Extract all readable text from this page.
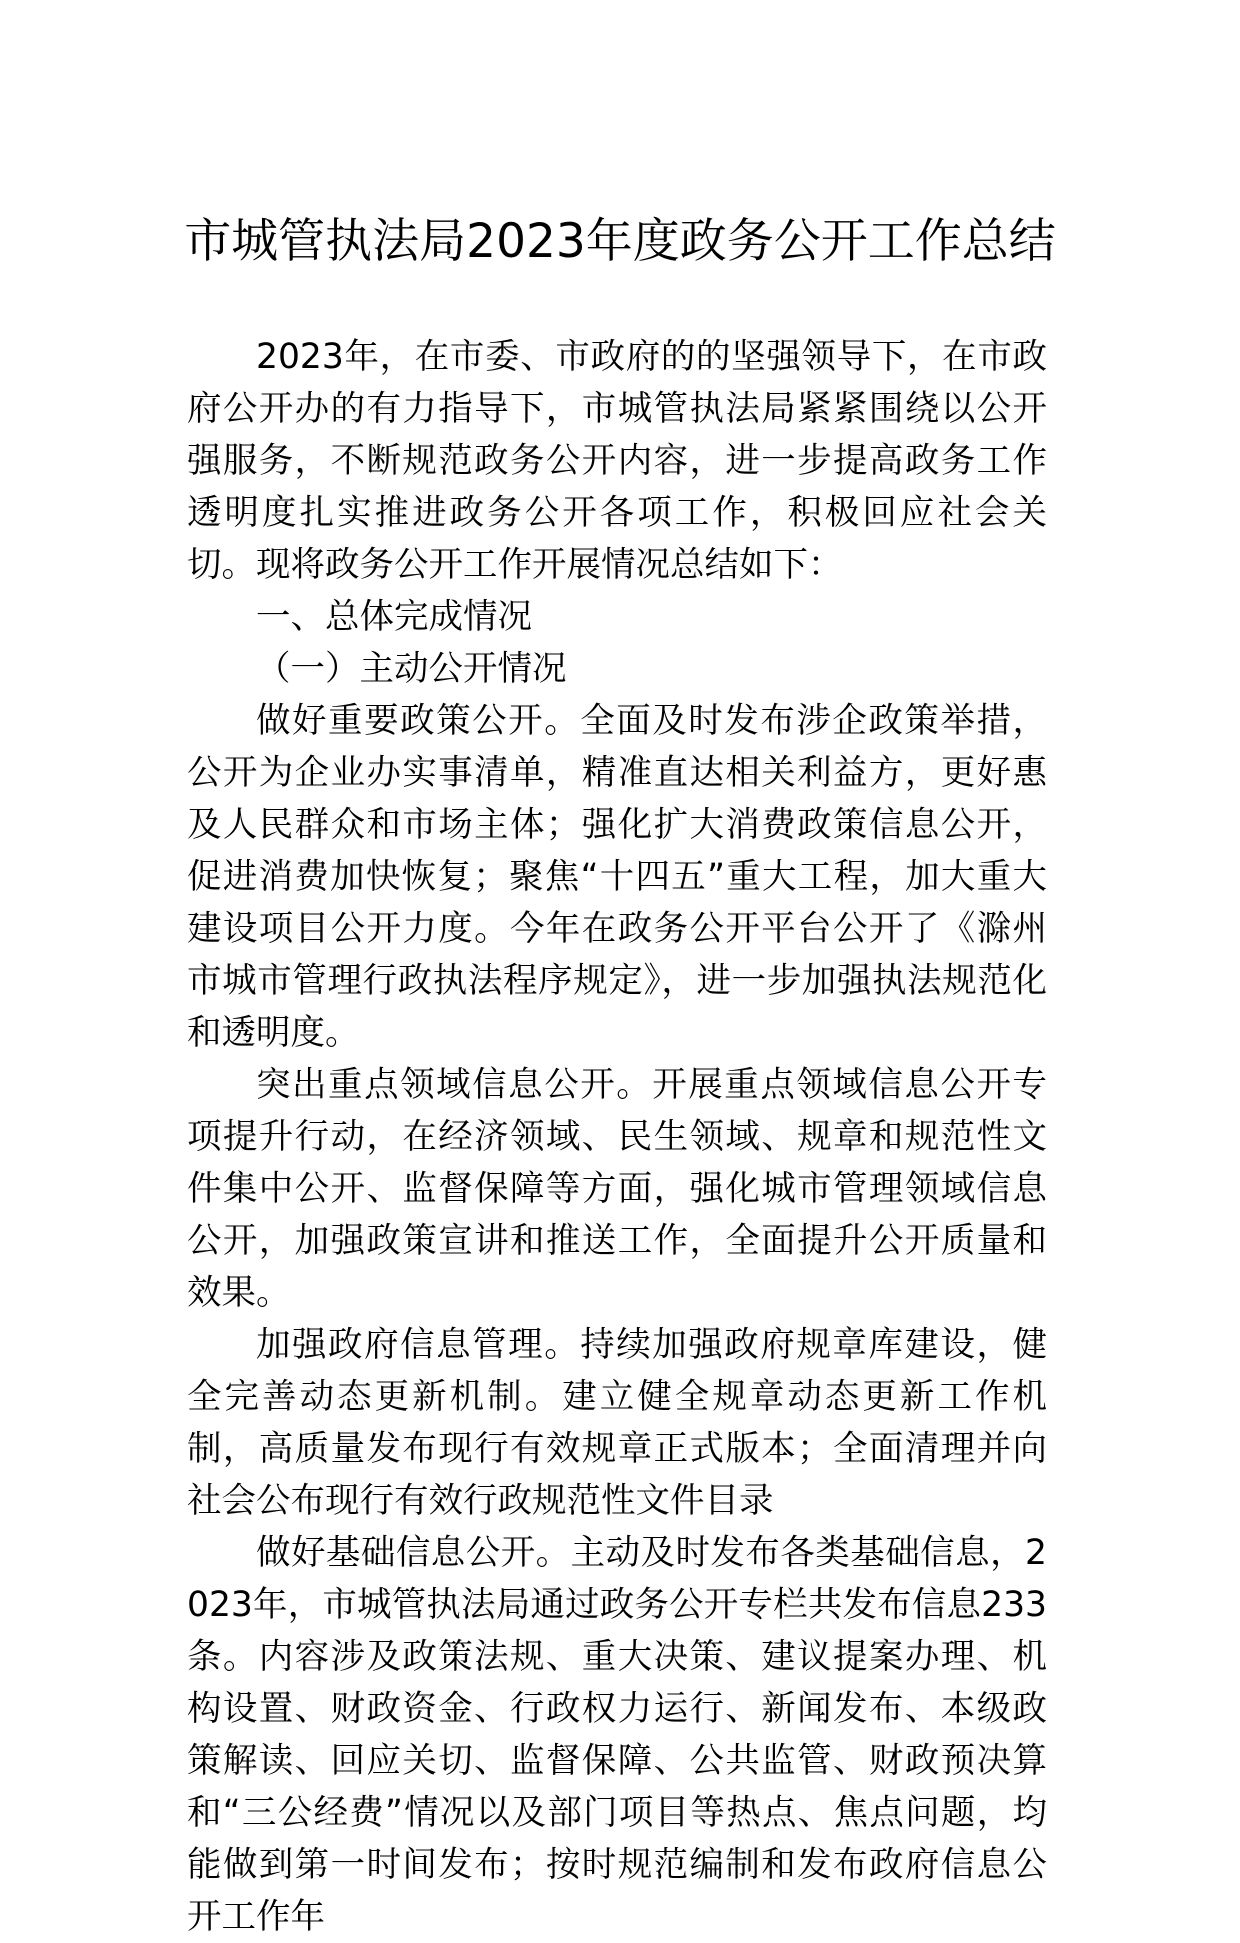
市城管执法局2023年度政务公开工作总结

2023年，在市委、市政府的的坚强领导下，在市政府公开办的有力指导下，市城管执法局紧紧围绕以公开强服务，不断规范政务公开内容，进一步提高政务工作透明度扎实推进政务公开各项工作，积极回应社会关切。现将政务公开工作开展情况总结如下：

一、总体完成情况

（一）主动公开情况

做好重要政策公开。全面及时发布涉企政策举措，公开为企业办实事清单，精准直达相关利益方，更好惠及人民群众和市场主体；强化扩大消费政策信息公开，促进消费加快恢复；聚焦“十四五”重大工程，加大重大建设项目公开力度。今年在政务公开平台公开了《滁州市城市管理行政执法程序规定》，进一步加强执法规范化和透明度。

突出重点领域信息公开。开展重点领域信息公开专项提升行动，在经济领域、民生领域、规章和规范性文件集中公开、监督保障等方面，强化城市管理领域信息公开，加强政策宣讲和推送工作，全面提升公开质量和效果。

加强政府信息管理。持续加强政府规章库建设，健全完善动态更新机制。建立健全规章动态更新工作机制，高质量发布现行有效规章正式版本；全面清理并向社会公布现行有效行政规范性文件目录

做好基础信息公开。主动及时发布各类基础信息，2023年，市城管执法局通过政务公开专栏共发布信息233条。内容涉及政策法规、重大决策、建议提案办理、机构设置、财政资金、行政权力运行、新闻发布、本级政策解读、回应关切、监督保障、公共监管、财政预决算和“三公经费”情况以及部门项目等热点、焦点问题，均能做到第一时间发布；按时规范编制和发布政府信息公开工作年
